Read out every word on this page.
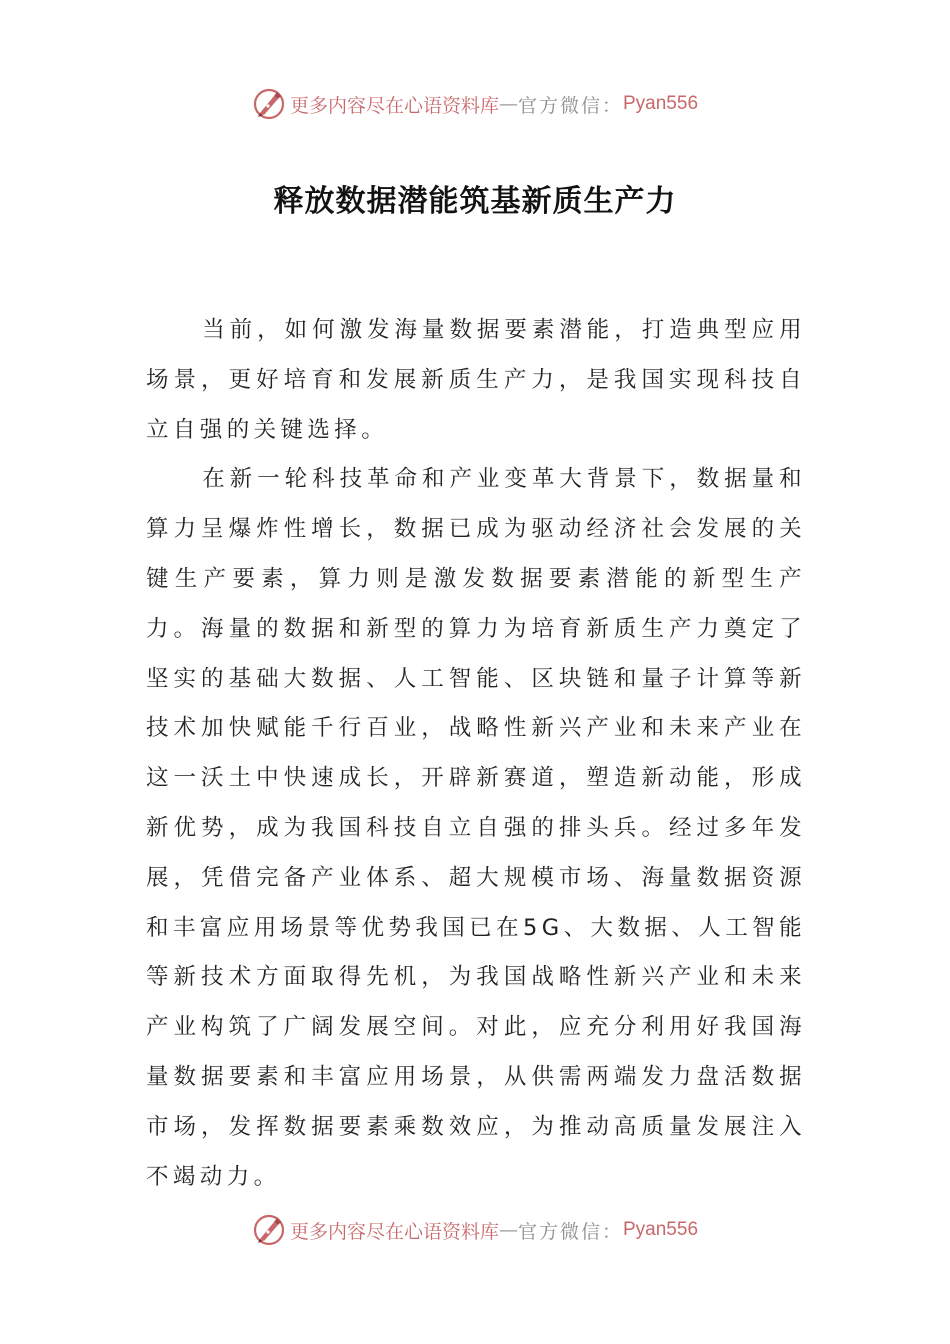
更多内容尽在心语资料库 — 官方微信： Pyan556
释放数据潜能筑基新质生产力

当前，如何激发海量数据要素潜能，打造典型应用场景，更好培育和发展新质生产力，是我国实现科技自立自强的关键选择。

在新一轮科技革命和产业变革大背景下，数据量和算力呈爆炸性增长，数据已成为驱动经济社会发展的关键生产要素，算力则是激发数据要素潜能的新型生产力。海量的数据和新型的算力为培育新质生产力奠定了坚实的基础大数据、人工智能、区块链和量子计算等新技术加快赋能千行百业，战略性新兴产业和未来产业在这一沃土中快速成长，开辟新赛道，塑造新动能，形成新优势，成为我国科技自立自强的排头兵。经过多年发展，凭借完备产业体系、超大规模市场、海量数据资源和丰富应用场景等优势我国已在5G、大数据、人工智能等新技术方面取得先机，为我国战略性新兴产业和未来产业构筑了广阔发展空间。对此，应充分利用好我国海量数据要素和丰富应用场景，从供需两端发力盘活数据市场，发挥数据要素乘数效应，为推动高质量发展注入不竭动力。

更多内容尽在心语资料库 — 官方微信： Pyan556
